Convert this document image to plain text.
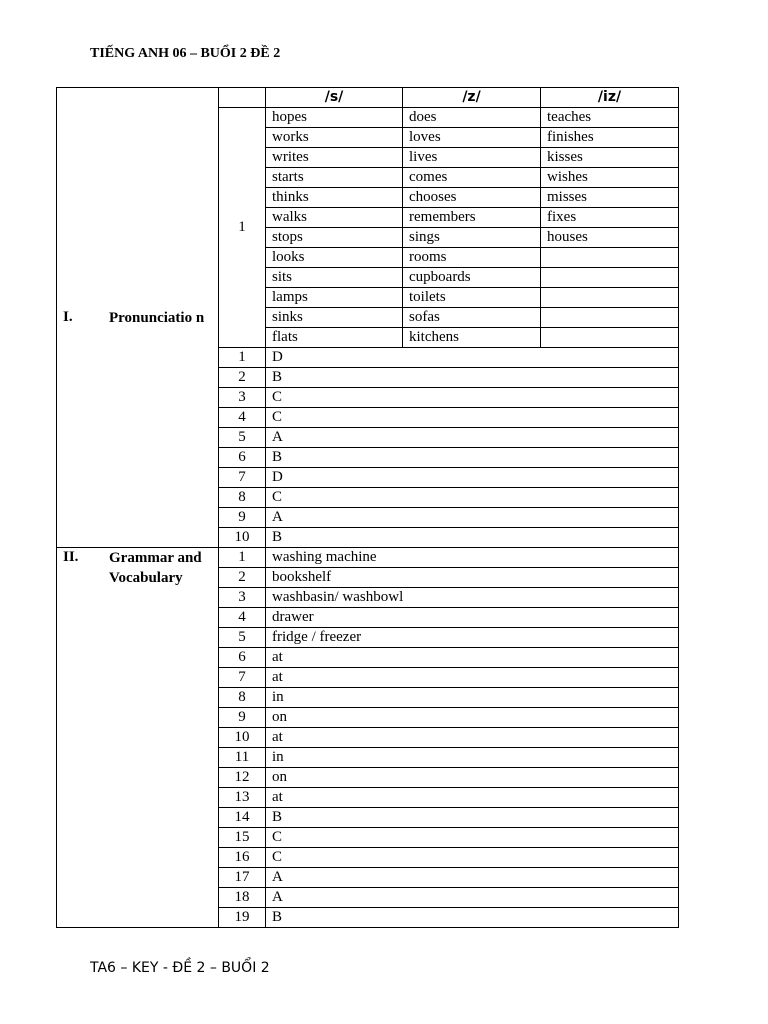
TIẾNG ANH 06 – BUỔI 2 ĐỀ 2
I. Pronunciatio n		/s/	/z/	/iz/
	1	hopes	does	teaches
		works	loves	finishes
		writes	lives	kisses
		starts	comes	wishes
		thinks	chooses	misses
		walks	remembers	fixes
		stops	sings	houses
		looks	rooms	
		sits	cupboards	
		lamps	toilets	
		sinks	sofas	
		flats	kitchens	
	1	D		
	2	B		
	3	C		
	4	C		
	5	A		
	6	B		
	7	D		
	8	C		
	9	A		
	10	B		

II. Grammar and Vocabulary	1	washing machine		
	2	bookshelf		
	3	washbasin/ washbowl		
	4	drawer		
	5	fridge / freezer		
	6	at		
	7	at		
	8	in		
	9	on		
	10	at		
	11	in		
	12	on		
	13	at		
	14	B		
	15	C		
	16	C		
	17	A		
	18	A		
	19	B		
TA6 – KEY - ĐỀ 2 – BUỔI 2
